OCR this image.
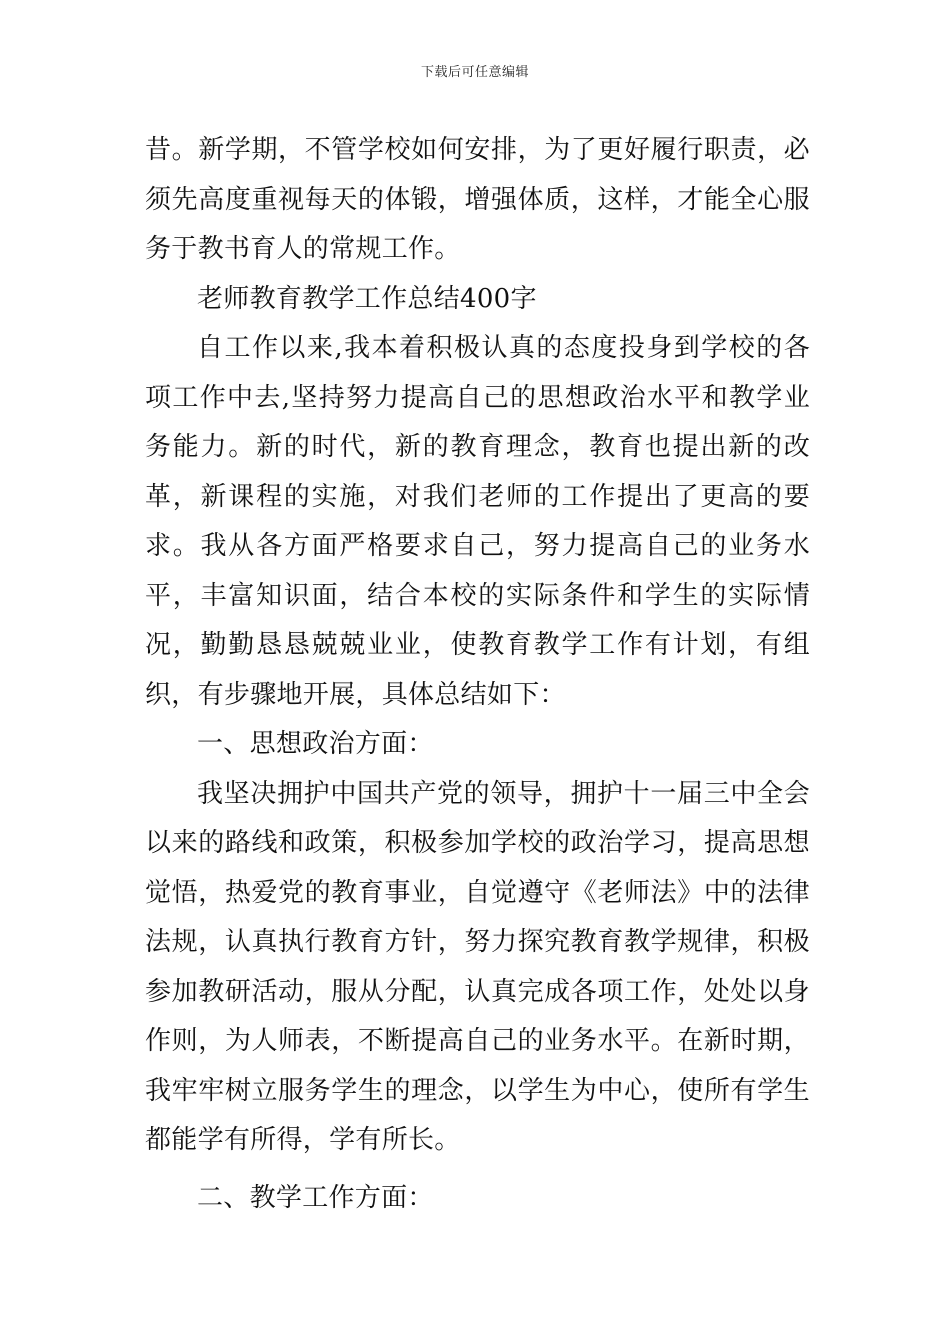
下载后可任意编辑

昔。新学期，不管学校如何安排，为了更好履行职责，必须先高度重视每天的体锻，增强体质，这样，才能全心服务于教书育人的常规工作。

老师教育教学工作总结400字

自工作以来,我本着积极认真的态度投身到学校的各项工作中去,坚持努力提高自己的思想政治水平和教学业务能力。新的时代，新的教育理念，教育也提出新的改革，新课程的实施，对我们老师的工作提出了更高的要求。我从各方面严格要求自己，努力提高自己的业务水平，丰富知识面，结合本校的实际条件和学生的实际情况，勤勤恳恳兢兢业业，使教育教学工作有计划，有组织，有步骤地开展，具体总结如下：

一、思想政治方面：

我坚决拥护中国共产党的领导，拥护十一届三中全会以来的路线和政策，积极参加学校的政治学习，提高思想觉悟，热爱党的教育事业，自觉遵守《老师法》中的法律法规，认真执行教育方针，努力探究教育教学规律，积极参加教研活动，服从分配，认真完成各项工作，处处以身作则，为人师表，不断提高自己的业务水平。在新时期，我牢牢树立服务学生的理念，以学生为中心，使所有学生都能学有所得，学有所长。

二、教学工作方面：
